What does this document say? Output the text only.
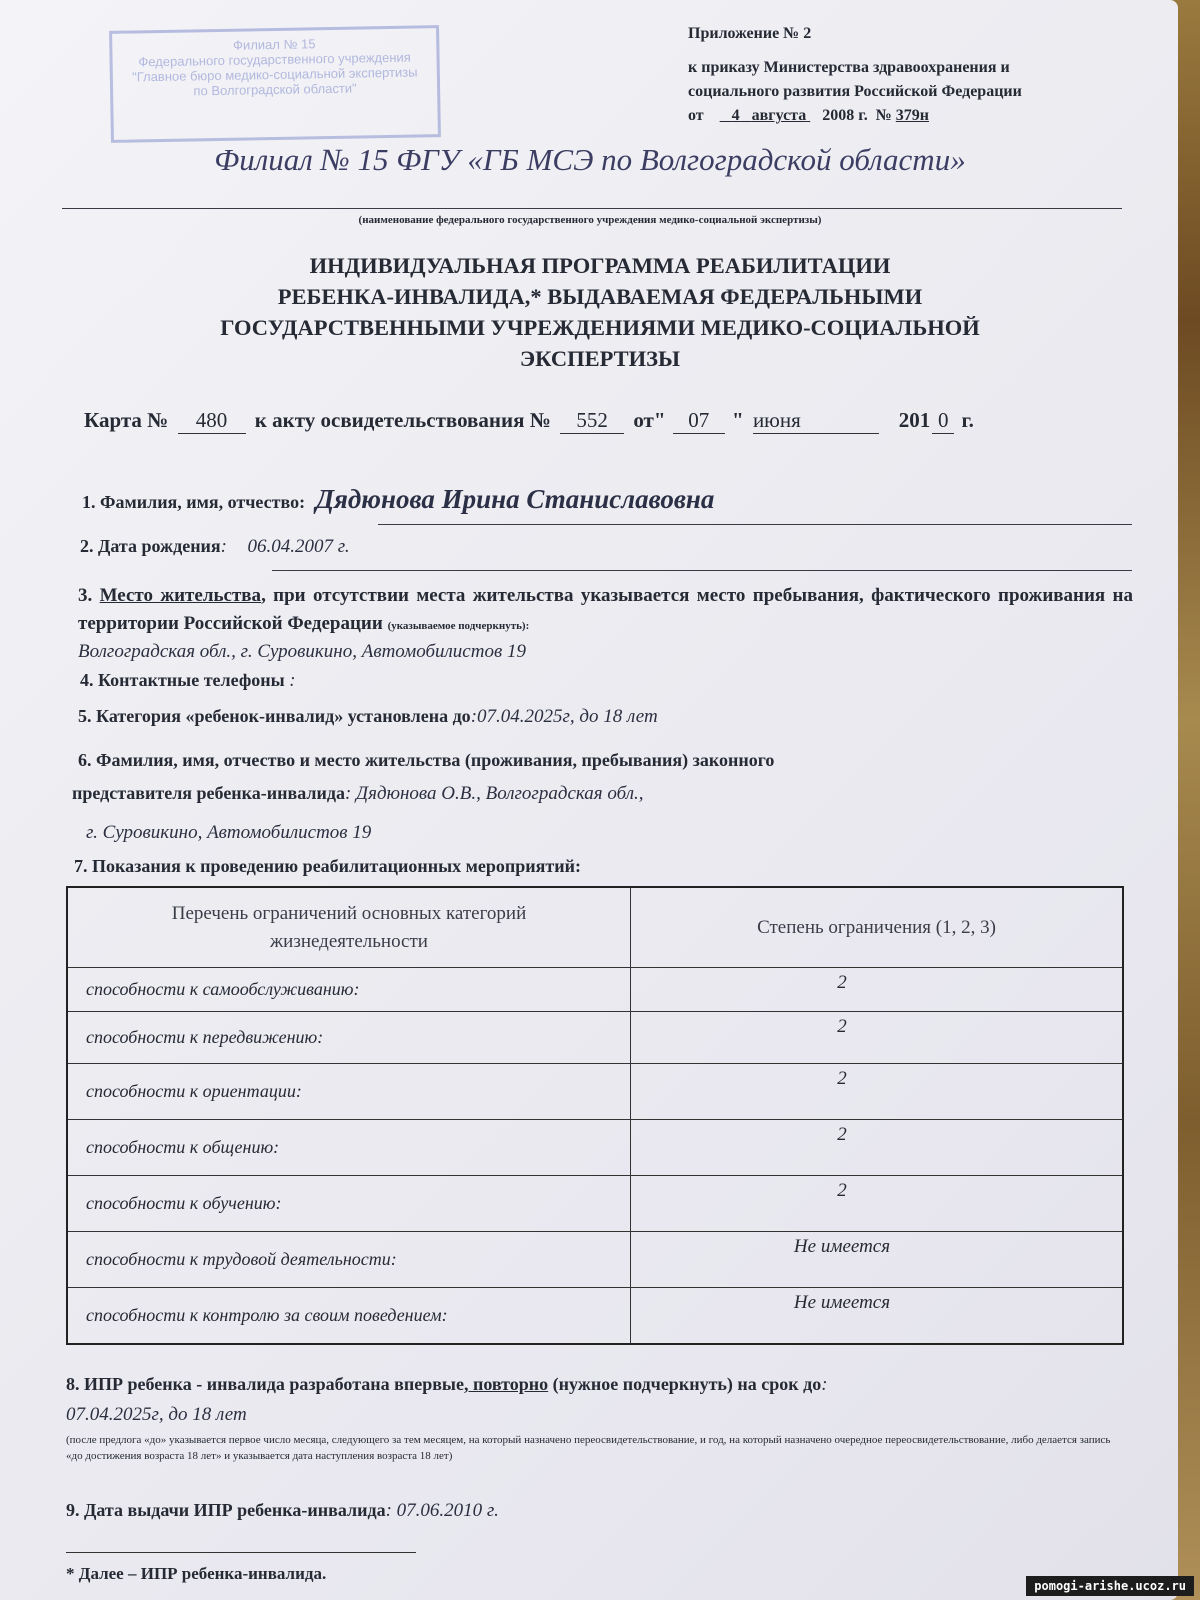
Филиал № 15
Федерального государственного учреждения
"Главное бюро медико-социальной экспертизы
по Волгоградской области"
Приложение № 2
к приказу Министерства здравоохранения и
социального развития Российской Федерации
от 4 августа 2008 г. № 379н
Филиал № 15 ФГУ «ГБ МСЭ по Волгоградской области»
(наименование федерального государственного учреждения медико-социальной экспертизы)
ИНДИВИДУАЛЬНАЯ ПРОГРАММА РЕАБИЛИТАЦИИ
РЕБЕНКА-ИНВАЛИДА,* ВЫДАВАЕМАЯ ФЕДЕРАЛЬНЫМИ
ГОСУДАРСТВЕННЫМИ УЧРЕЖДЕНИЯМИ МЕДИКО-СОЦИАЛЬНОЙ
ЭКСПЕРТИЗЫ
Карта № 480 к акту освидетельствования № 552 от" 07 " июня	201 0 г.
1. Фамилия, имя, отчество: Дядюнова Ирина Станиславовна
2. Дата рождения: 06.04.2007 г.
3. Место жительства, при отсутствии места жительства указывается место пребывания, фактического проживания на территории Российской Федерации (указываемое подчеркнуть):
Волгоградская обл., г. Суровикино, Автомобилистов 19
4. Контактные телефоны :
5. Категория «ребенок-инвалид» установлена до:07.04.2025г, до 18 лет
6. Фамилия, имя, отчество и место жительства (проживания, пребывания) законного
представителя ребенка-инвалида: Дядюнова О.В., Волгоградская обл.,
г. Суровикино, Автомобилистов 19
7. Показания к проведению реабилитационных мероприятий:
Перечень ограничений основных категорий
жизнедеятельности	Степень ограничения (1, 2, 3)
способности к самообслуживанию:	2
способности к передвижению:	2
способности к ориентации:	2
способности к общению:	2
способности к обучению:	2
способности к трудовой деятельности:	Не имеется
способности к контролю за своим поведением:	Не имеется
8. ИПР ребенка - инвалида разработана впервые, повторно (нужное подчеркнуть) на срок до:
07.04.2025г, до 18 лет
(после предлога «до» указывается первое число месяца, следующего за тем месяцем, на который назначено переосвидетельствование, и год, на который назначено очередное переосвидетельствование, либо делается запись «до достижения возраста 18 лет» и указывается дата наступления возраста 18 лет)
9. Дата выдачи ИПР ребенка-инвалида: 07.06.2010 г.
* Далее – ИПР ребенка-инвалида.
pomogi-arishe.ucoz.ru
